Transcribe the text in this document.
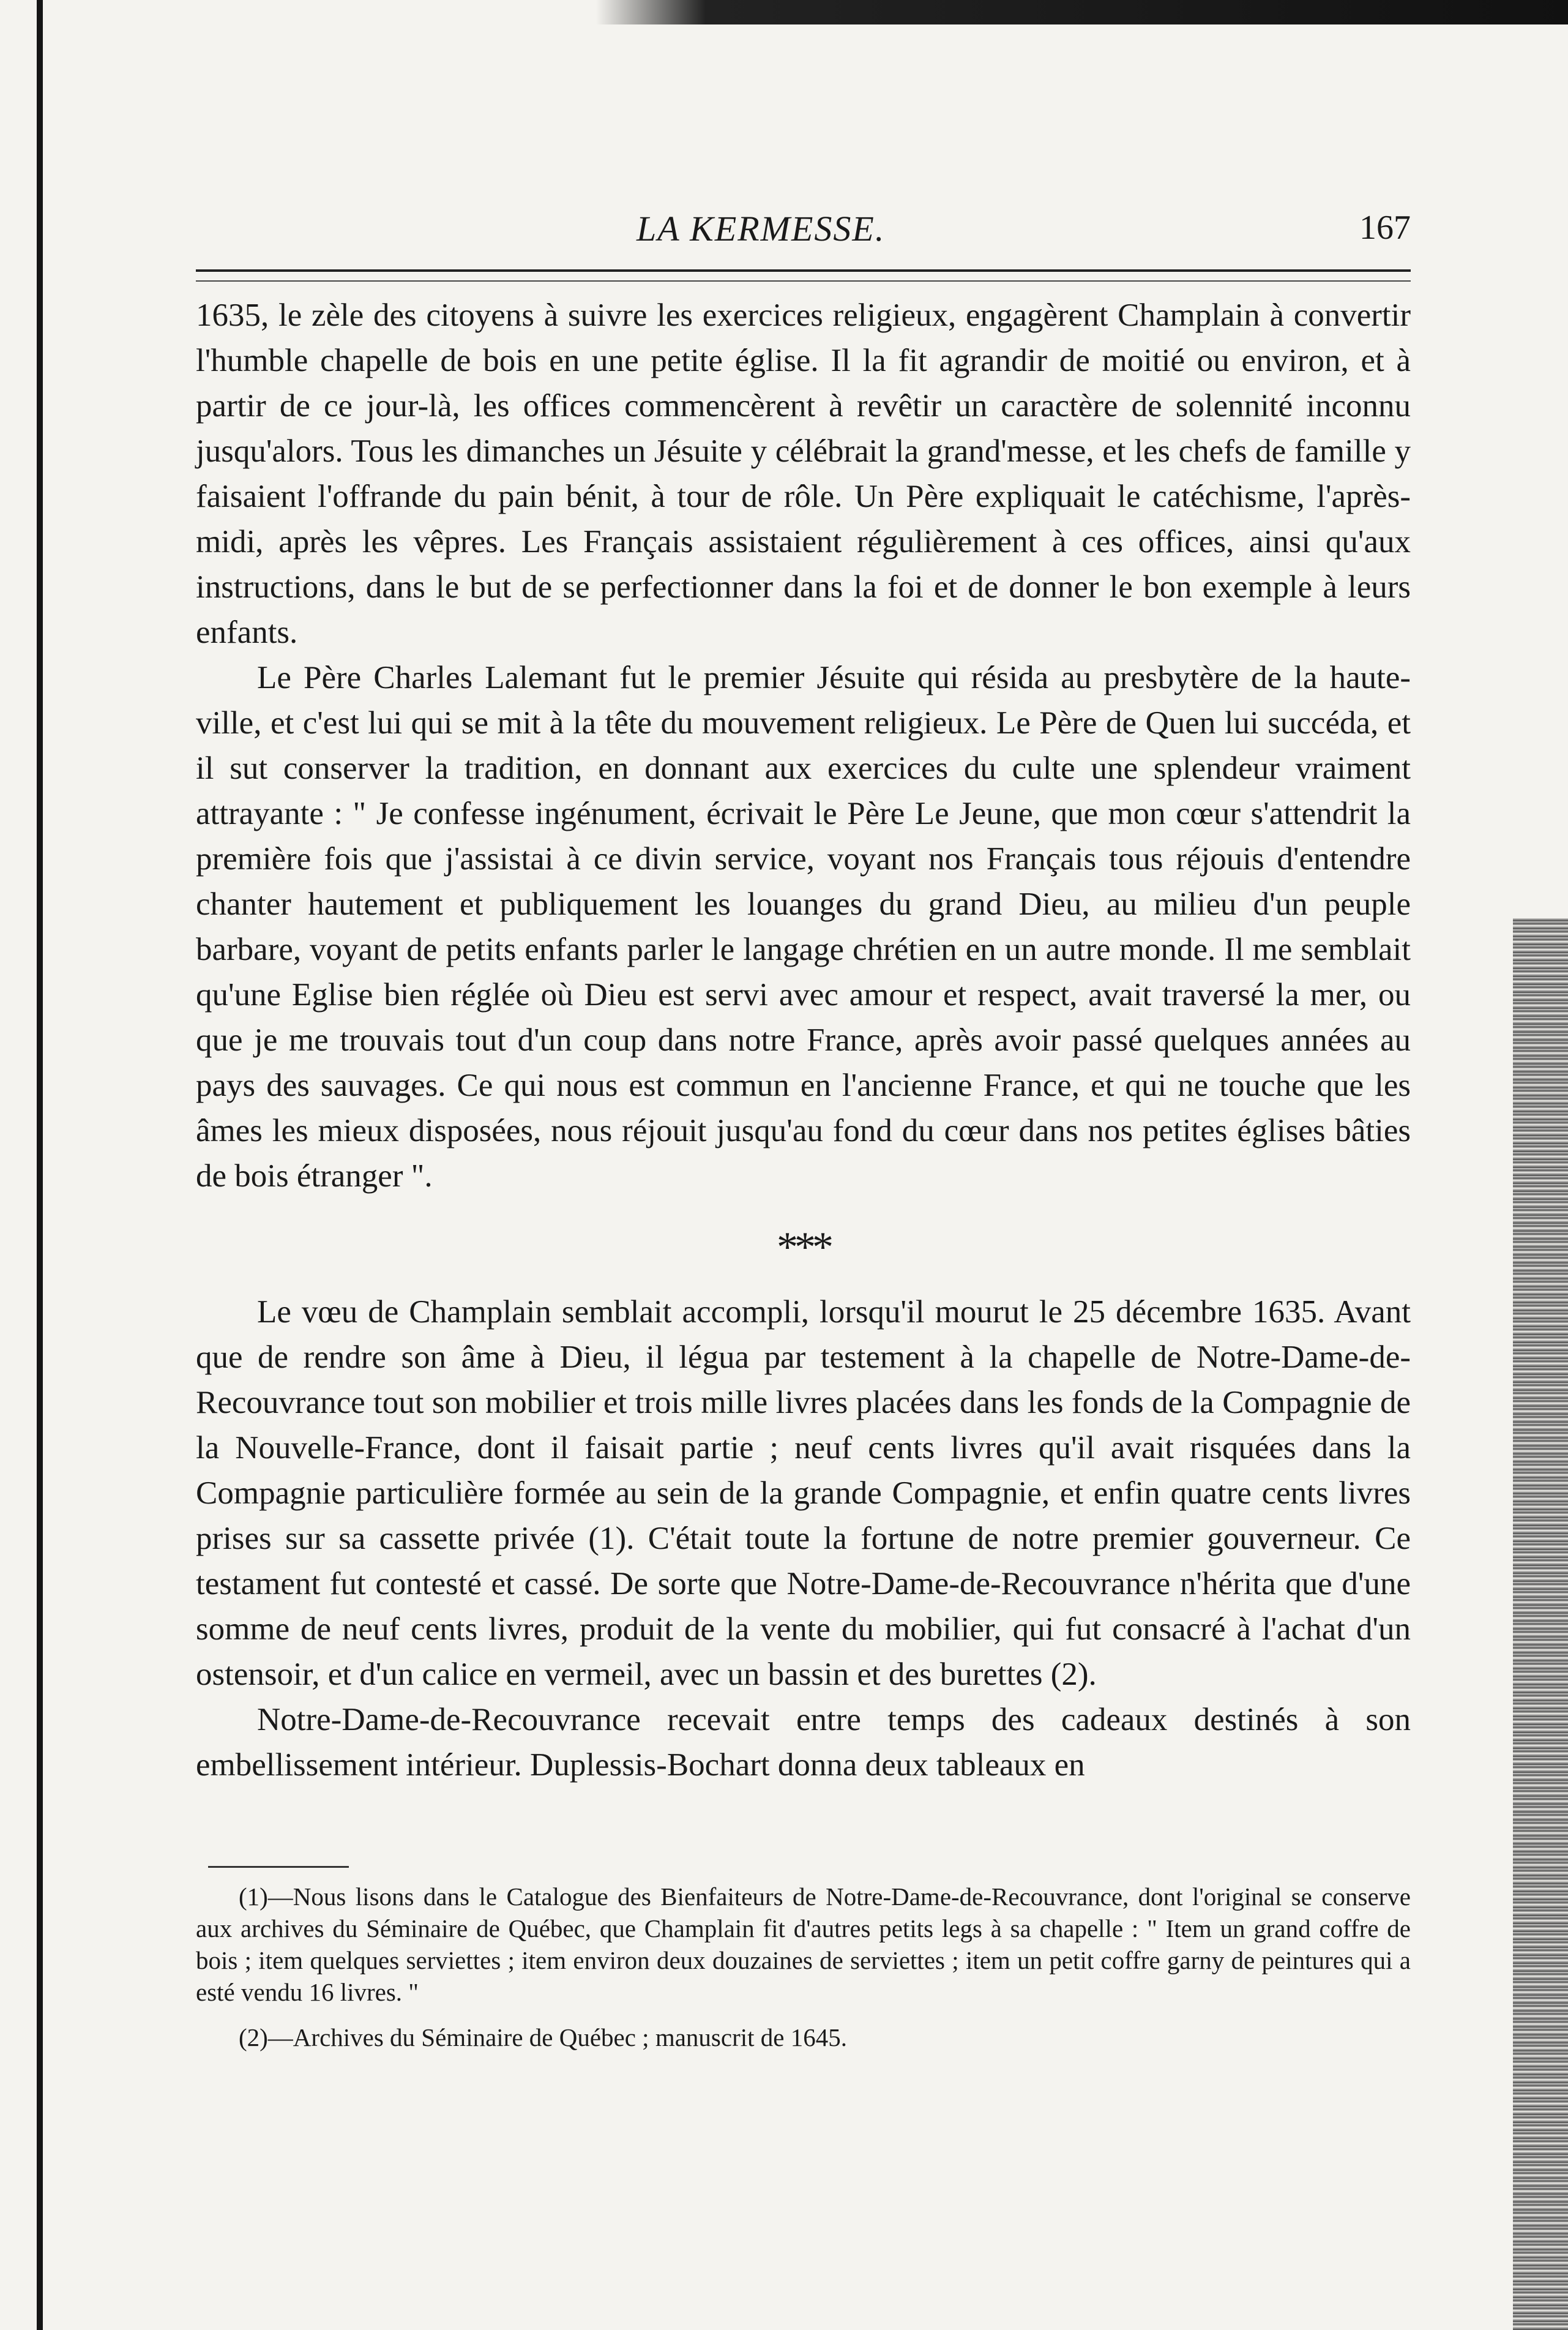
LA KERMESSE.	167

1635, le zèle des citoyens à suivre les exercices religieux, engagèrent Champlain à convertir l'humble chapelle de bois en une petite église. Il la fit agrandir de moitié ou environ, et à partir de ce jour-là, les offices commencèrent à revêtir un caractère de solennité inconnu jusqu'alors. Tous les dimanches un Jésuite y célébrait la grand'messe, et les chefs de famille y faisaient l'offrande du pain bénit, à tour de rôle. Un Père expliquait le catéchisme, l'après-midi, après les vêpres. Les Français assistaient régulièrement à ces offices, ainsi qu'aux instructions, dans le but de se perfectionner dans la foi et de donner le bon exemple à leurs enfants.

Le Père Charles Lalemant fut le premier Jésuite qui résida au presbytère de la haute-ville, et c'est lui qui se mit à la tête du mouvement religieux. Le Père de Quen lui succéda, et il sut conserver la tradition, en donnant aux exercices du culte une splendeur vraiment attrayante : " Je confesse ingénument, écrivait le Père Le Jeune, que mon cœur s'attendrit la première fois que j'assistai à ce divin service, voyant nos Français tous réjouis d'entendre chanter hautement et publiquement les louanges du grand Dieu, au milieu d'un peuple barbare, voyant de petits enfants parler le langage chrétien en un autre monde. Il me semblait qu'une Eglise bien réglée où Dieu est servi avec amour et respect, avait traversé la mer, ou que je me trouvais tout d'un coup dans notre France, après avoir passé quelques années au pays des sauvages. Ce qui nous est commun en l'ancienne France, et qui ne touche que les âmes les mieux disposées, nous réjouit jusqu'au fond du cœur dans nos petites églises bâties de bois étranger ".

***

Le vœu de Champlain semblait accompli, lorsqu'il mourut le 25 décembre 1635. Avant que de rendre son âme à Dieu, il légua par testement à la chapelle de Notre-Dame-de-Recouvrance tout son mobilier et trois mille livres placées dans les fonds de la Compagnie de la Nouvelle-France, dont il faisait partie ; neuf cents livres qu'il avait risquées dans la Compagnie particulière formée au sein de la grande Compagnie, et enfin quatre cents livres prises sur sa cassette privée (1). C'était toute la fortune de notre premier gouverneur. Ce testament fut contesté et cassé. De sorte que Notre-Dame-de-Recouvrance n'hérita que d'une somme de neuf cents livres, produit de la vente du mobilier, qui fut consacré à l'achat d'un ostensoir, et d'un calice en vermeil, avec un bassin et des burettes (2).

Notre-Dame-de-Recouvrance recevait entre temps des cadeaux destinés à son embellissement intérieur. Duplessis-Bochart donna deux tableaux en

(1)—Nous lisons dans le Catalogue des Bienfaiteurs de Notre-Dame-de-Recouvrance, dont l'original se conserve aux archives du Séminaire de Québec, que Champlain fit d'autres petits legs à sa chapelle : " Item un grand coffre de bois ; item quelques serviettes ; item environ deux douzaines de serviettes ; item un petit coffre garny de peintures qui a esté vendu 16 livres. "

(2)—Archives du Séminaire de Québec ; manuscrit de 1645.
